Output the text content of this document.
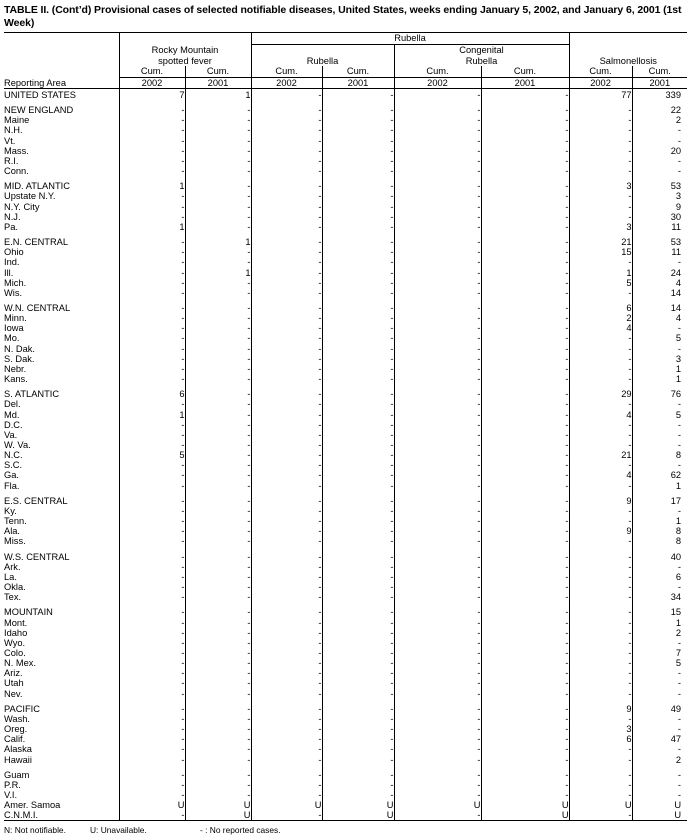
TABLE II. (Cont’d) Provisional cases of selected notifiable diseases, United States, weeks ending January 5, 2002, and January 6, 2001 (1st Week)
			Rubella					

Rocky Mountain
spotted fever	Rubella

Congenital
Rubella	Salmonellosis

Reporting Area	Cum.	Cum.	Cum.	Cum.	Cum.	Cum.	Cum.	Cum.
	2002	2001	2002	2001	2002	2001	2002	2001

UNITED STATES	7	1	-	-	-	-	77	339

NEW ENGLAND	-	-	-	-	-	-	-	22
Maine	-	-	-	-	-	-	-	2
N.H.	-	-	-	-	-	-	-	-
Vt.	-	-	-	-	-	-	-	-
Mass.	-	-	-	-	-	-	-	20
R.I.	-	-	-	-	-	-	-	-
Conn.	-	-	-	-	-	-	-	-

MID. ATLANTIC	1	-	-	-	-	-	3	53
Upstate N.Y.	-	-	-	-	-	-	-	3
N.Y. City	-	-	-	-	-	-	-	9
N.J.	-	-	-	-	-	-	-	30
Pa.	1	-	-	-	-	-	3	11

E.N. CENTRAL	-	1	-	-	-	-	21	53
Ohio	-	-	-	-	-	-	15	11
Ind.	-	-	-	-	-	-	-	-
Ill.	-	1	-	-	-	-	1	24
Mich.	-	-	-	-	-	-	5	4
Wis.	-	-	-	-	-	-	-	14

W.N. CENTRAL	-	-	-	-	-	-	6	14
Minn.	-	-	-	-	-	-	2	4
Iowa	-	-	-	-	-	-	4	-
Mo.	-	-	-	-	-	-	-	5
N. Dak.	-	-	-	-	-	-	-	-
S. Dak.	-	-	-	-	-	-	-	3
Nebr.	-	-	-	-	-	-	-	1
Kans.	-	-	-	-	-	-	-	1

S. ATLANTIC	6	-	-	-	-	-	29	76
Del.	-	-	-	-	-	-	-	-
Md.	1	-	-	-	-	-	4	5
D.C.	-	-	-	-	-	-	-	-
Va.	-	-	-	-	-	-	-	-
W. Va.	-	-	-	-	-	-	-	-
N.C.	5	-	-	-	-	-	21	8
S.C.	-	-	-	-	-	-	-	-
Ga.	-	-	-	-	-	-	4	62
Fla.	-	-	-	-	-	-	-	1

E.S. CENTRAL	-	-	-	-	-	-	9	17
Ky.	-	-	-	-	-	-	-	-
Tenn.	-	-	-	-	-	-	-	1
Ala.	-	-	-	-	-	-	9	8
Miss.	-	-	-	-	-	-	-	8

W.S. CENTRAL	-	-	-	-	-	-	-	40
Ark.	-	-	-	-	-	-	-	-
La.	-	-	-	-	-	-	-	6
Okla.	-	-	-	-	-	-	-	-
Tex.	-	-	-	-	-	-	-	34

MOUNTAIN	-	-	-	-	-	-	-	15
Mont.	-	-	-	-	-	-	-	1
Idaho	-	-	-	-	-	-	-	2
Wyo.	-	-	-	-	-	-	-	-
Colo.	-	-	-	-	-	-	-	7
N. Mex.	-	-	-	-	-	-	-	5
Ariz.	-	-	-	-	-	-	-	-
Utah	-	-	-	-	-	-	-	-
Nev.	-	-	-	-	-	-	-	-

PACIFIC	-	-	-	-	-	-	9	49
Wash.	-	-	-	-	-	-	-	-
Oreg.	-	-	-	-	-	-	3	-
Calif.	-	-	-	-	-	-	6	47
Alaska	-	-	-	-	-	-	-	-
Hawaii	-	-	-	-	-	-	-	2

Guam	-	-	-	-	-	-	-	-
P.R.	-	-	-	-	-	-	-	-
V.I.	-	-	-	-	-	-	-	-
Amer. Samoa	U	U	U	U	U	U	U	U
C.N.M.I.	-	U	-	U	-	U	-	U
N: Not notifiable.	U: Unavailable.	- : No reported cases.
